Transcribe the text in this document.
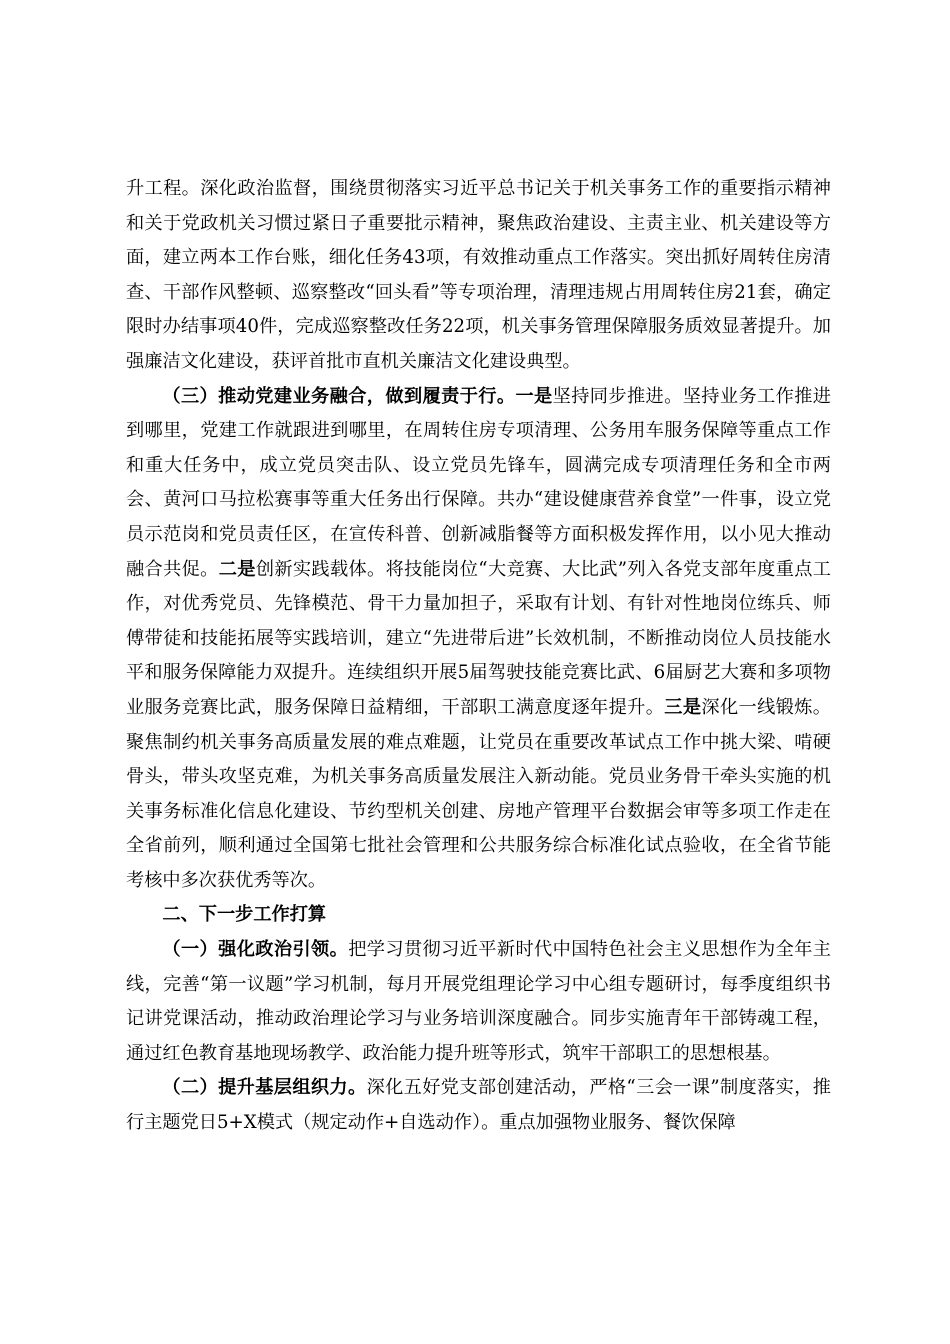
升工程。深化政治监督，围绕贯彻落实习近平总书记关于机关事务工作的重要指示精神和关于党政机关习惯过紧日子重要批示精神，聚焦政治建设、主责主业、机关建设等方面，建立两本工作台账，细化任务43项，有效推动重点工作落实。突出抓好周转住房清查、干部作风整顿、巡察整改“回头看”等专项治理，清理违规占用周转住房21套，确定限时办结事项40件，完成巡察整改任务22项，机关事务管理保障服务质效显著提升。加强廉洁文化建设，获评首批市直机关廉洁文化建设典型。

（三）推动党建业务融合，做到履责于行。一是坚持同步推进。坚持业务工作推进到哪里，党建工作就跟进到哪里，在周转住房专项清理、公务用车服务保障等重点工作和重大任务中，成立党员突击队、设立党员先锋车，圆满完成专项清理任务和全市两会、黄河口马拉松赛事等重大任务出行保障。共办“建设健康营养食堂”一件事，设立党员示范岗和党员责任区，在宣传科普、创新减脂餐等方面积极发挥作用，以小见大推动融合共促。二是创新实践载体。将技能岗位“大竞赛、大比武”列入各党支部年度重点工作，对优秀党员、先锋模范、骨干力量加担子，采取有计划、有针对性地岗位练兵、师傅带徒和技能拓展等实践培训，建立“先进带后进”长效机制，不断推动岗位人员技能水平和服务保障能力双提升。连续组织开展5届驾驶技能竞赛比武、6届厨艺大赛和多项物业服务竞赛比武，服务保障日益精细，干部职工满意度逐年提升。三是深化一线锻炼。聚焦制约机关事务高质量发展的难点难题，让党员在重要改革试点工作中挑大梁、啃硬骨头，带头攻坚克难，为机关事务高质量发展注入新动能。党员业务骨干牵头实施的机关事务标准化信息化建设、节约型机关创建、房地产管理平台数据会审等多项工作走在全省前列，顺利通过全国第七批社会管理和公共服务综合标准化试点验收，在全省节能考核中多次获优秀等次。

二、下一步工作打算

（一）强化政治引领。把学习贯彻习近平新时代中国特色社会主义思想作为全年主线，完善“第一议题”学习机制，每月开展党组理论学习中心组专题研讨，每季度组织书记讲党课活动，推动政治理论学习与业务培训深度融合。同步实施青年干部铸魂工程，通过红色教育基地现场教学、政治能力提升班等形式，筑牢干部职工的思想根基。

（二）提升基层组织力。深化五好党支部创建活动，严格“三会一课”制度落实，推行主题党日5+X模式（规定动作+自选动作）。重点加强物业服务、餐饮保障
